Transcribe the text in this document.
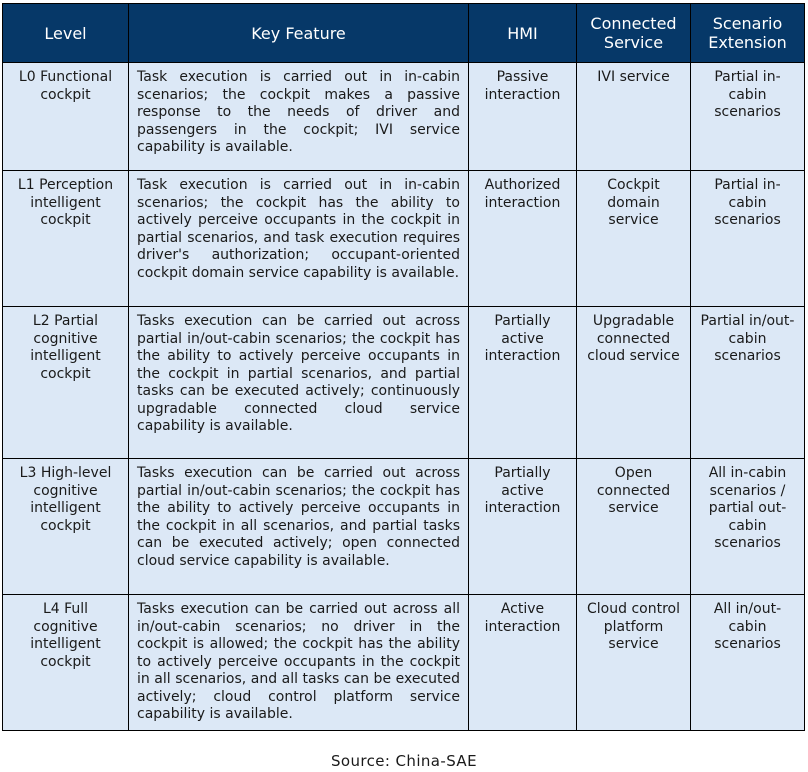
Level	Key Feature	HMI	Connected Service	Scenario Extension
L0 Functional cockpit	Task execution is carried out in in-cabin scenarios; the cockpit makes a passive response to the needs of driver and passengers in the cockpit; IVI service capability is available.	Passive interaction	IVI service	Partial in-cabin scenarios
L1 Perception intelligent cockpit	Task execution is carried out in in-cabin scenarios; the cockpit has the ability to actively perceive occupants in the cockpit in partial scenarios, and task execution requires driver's authorization; occupant-oriented cockpit domain service capability is available.	Authorized interaction	Cockpit domain service	Partial in-cabin scenarios
L2 Partial cognitive intelligent cockpit	Tasks execution can be carried out across partial in/out-cabin scenarios; the cockpit has the ability to actively perceive occupants in the cockpit in partial scenarios, and partial tasks can be executed actively; continuously upgradable connected cloud service capability is available.	Partially active interaction	Upgradable connected cloud service	Partial in/out-cabin scenarios
L3 High-level cognitive intelligent cockpit	Tasks execution can be carried out across partial in/out-cabin scenarios; the cockpit has the ability to actively perceive occupants in the cockpit in all scenarios, and partial tasks can be executed actively; open connected cloud service capability is available.	Partially active interaction	Open connected service	All in-cabin scenarios / partial out-cabin scenarios
L4 Full cognitive intelligent cockpit	Tasks execution can be carried out across all in/out-cabin scenarios; no driver in the cockpit is allowed; the cockpit has the ability to actively perceive occupants in the cockpit in all scenarios, and all tasks can be executed actively; cloud control platform service capability is available.	Active interaction	Cloud control platform service	All in/out-cabin scenarios
Source: China-SAE
